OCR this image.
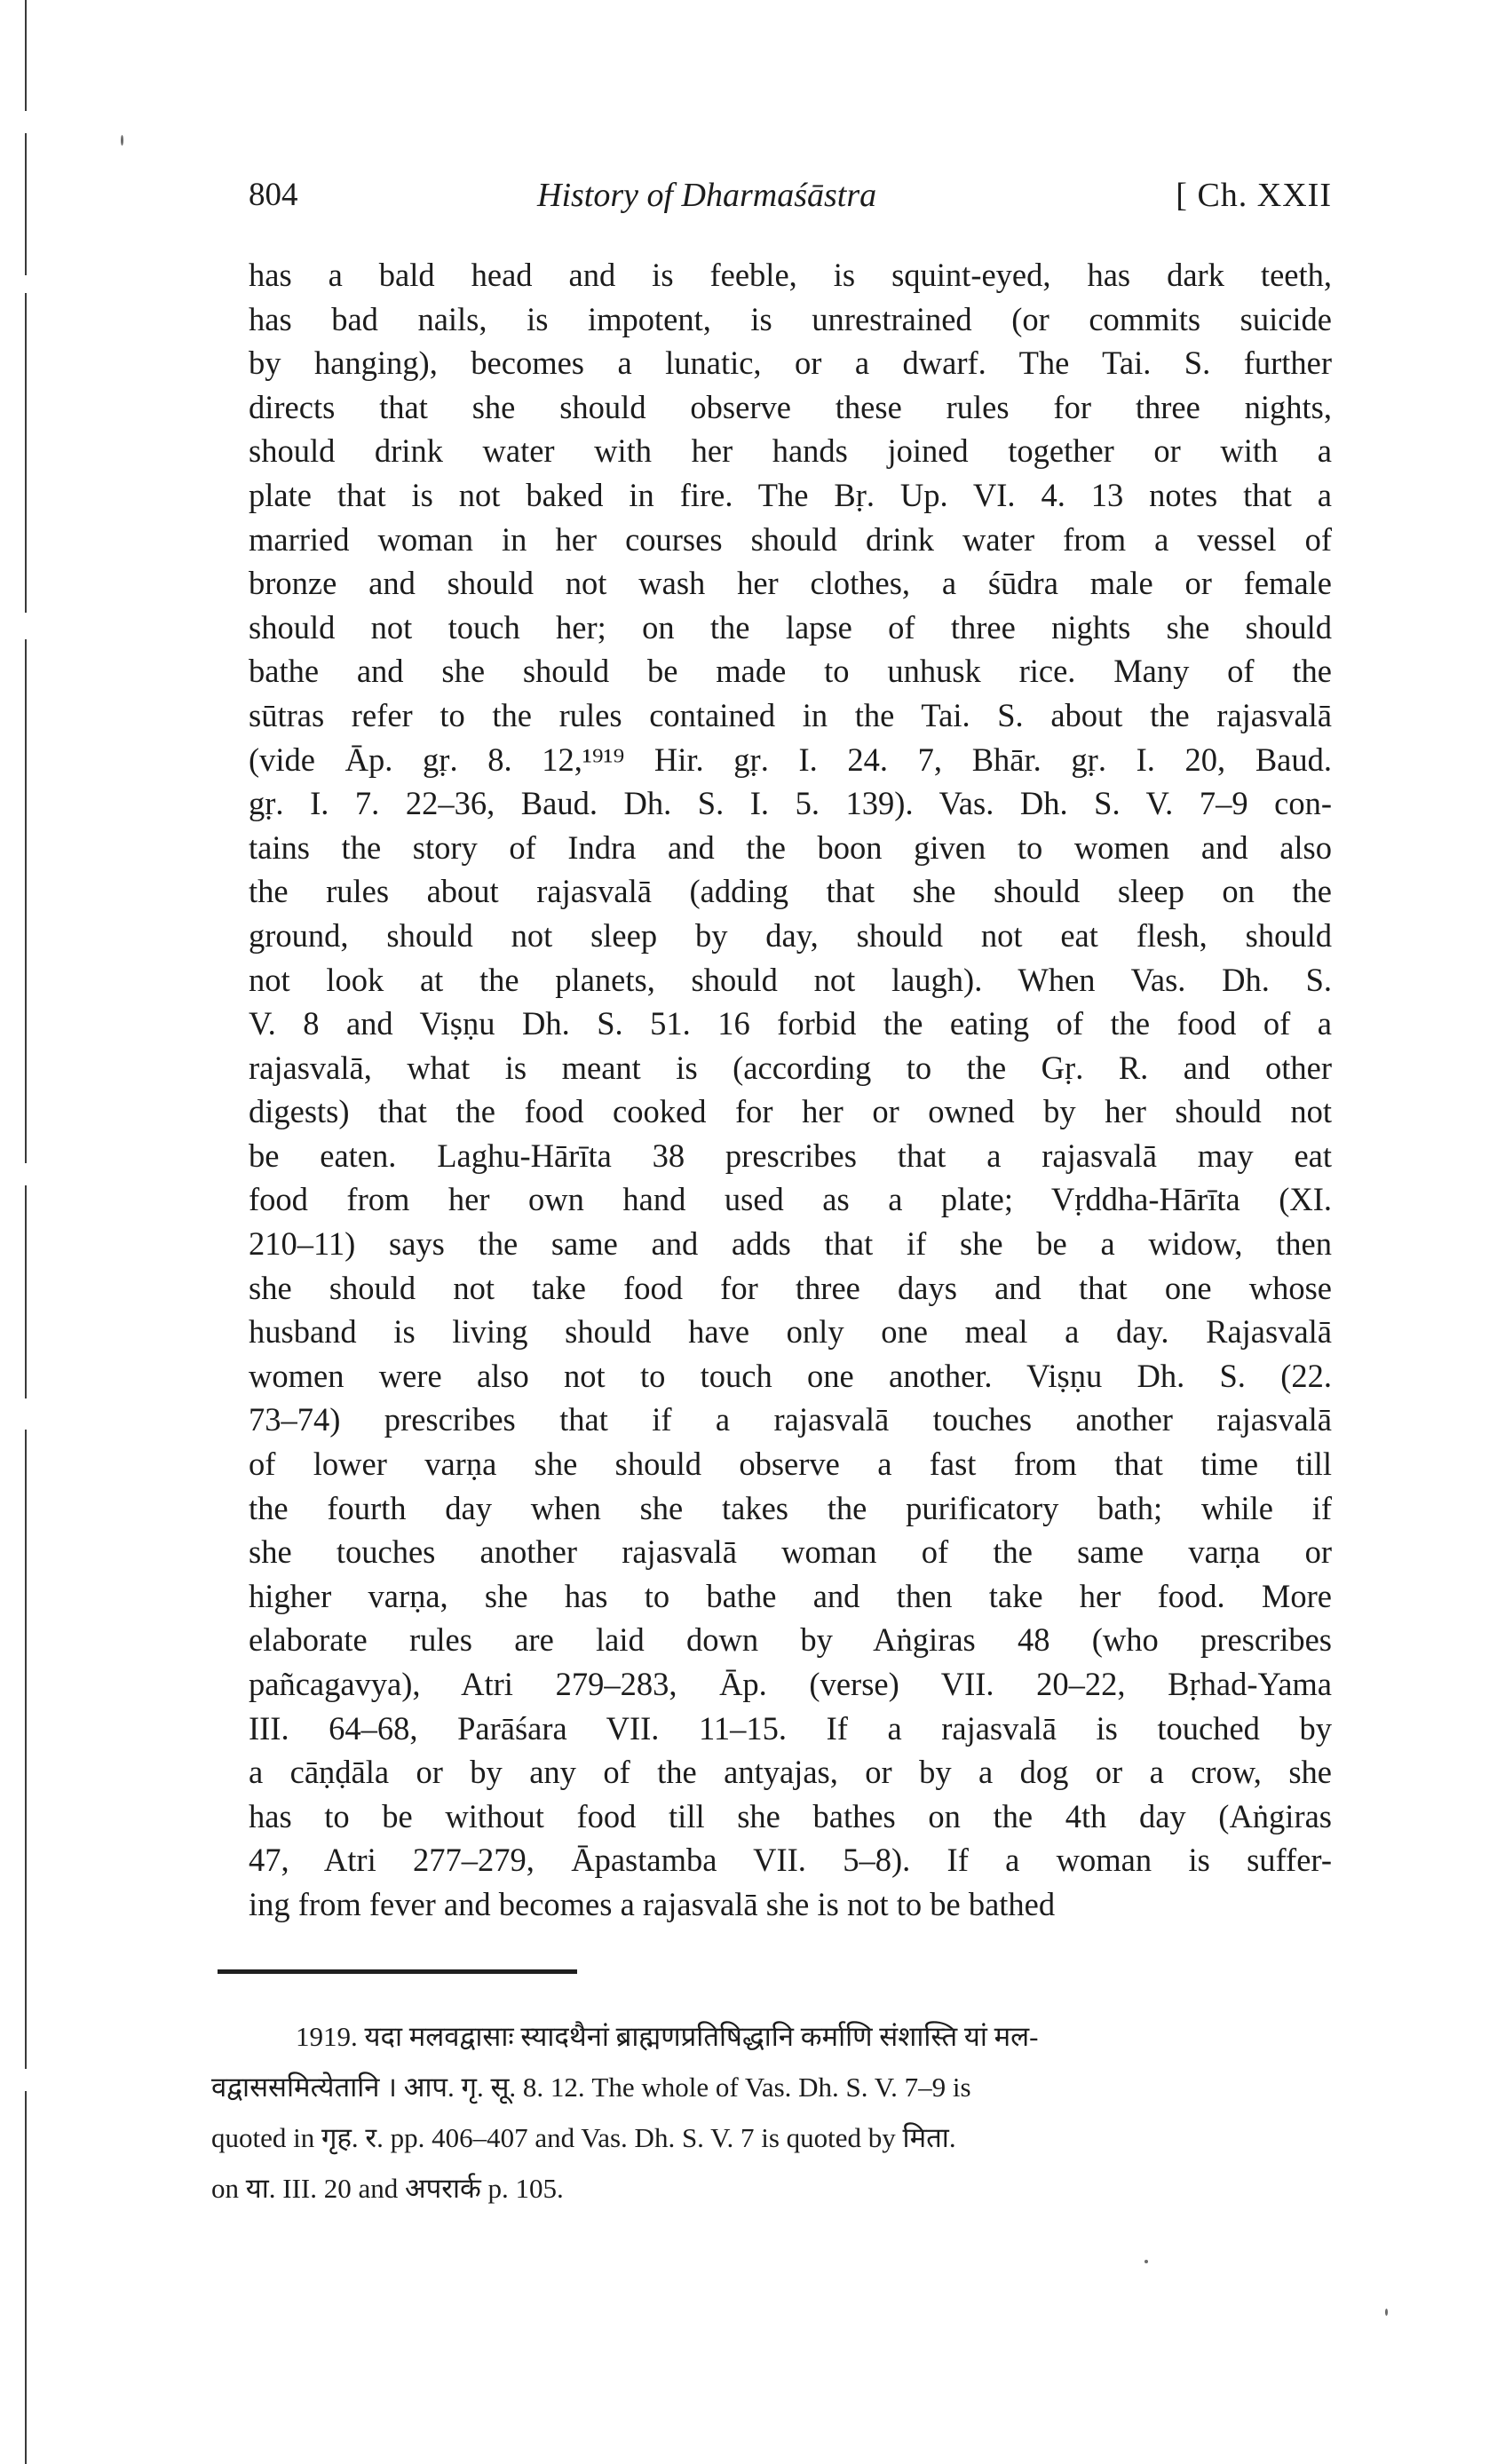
804	History of Dharmaśāstra	[ Ch. XXII
has a bald head and is feeble, is squint-eyed, has dark teeth,
has bad nails, is impotent, is unrestrained (or commits suicide
by hanging), becomes a lunatic, or a dwarf. The Tai. S. further
directs that she should observe these rules for three nights,
should drink water with her hands joined together or with a
plate that is not baked in fire. The Bṛ. Up. VI. 4. 13 notes that a
married woman in her courses should drink water from a vessel of
bronze and should not wash her clothes, a śūdra male or female
should not touch her; on the lapse of three nights she should
bathe and she should be made to unhusk rice. Many of the
sūtras refer to the rules contained in the Tai. S. about the rajasvalā
(vide Āp. gṛ. 8. 12,¹⁹¹⁹ Hir. gṛ. I. 24. 7, Bhār. gṛ. I. 20, Baud.
gṛ. I. 7. 22–36, Baud. Dh. S. I. 5. 139). Vas. Dh. S. V. 7–9 con-
tains the story of Indra and the boon given to women and also
the rules about rajasvalā (adding that she should sleep on the
ground, should not sleep by day, should not eat flesh, should
not look at the planets, should not laugh). When Vas. Dh. S.
V. 8 and Viṣṇu Dh. S. 51. 16 forbid the eating of the food of a
rajasvalā, what is meant is (according to the Gṛ. R. and other
digests) that the food cooked for her or owned by her should not
be eaten. Laghu-Hārīta 38 prescribes that a rajasvalā may eat
food from her own hand used as a plate; Vṛddha-Hārīta (XI.
210–11) says the same and adds that if she be a widow, then
she should not take food for three days and that one whose
husband is living should have only one meal a day. Rajasvalā
women were also not to touch one another. Viṣṇu Dh. S. (22.
73–74) prescribes that if a rajasvalā touches another rajasvalā
of lower varṇa she should observe a fast from that time till
the fourth day when she takes the purificatory bath; while if
she touches another rajasvalā woman of the same varṇa or
higher varṇa, she has to bathe and then take her food. More
elaborate rules are laid down by Aṅgiras 48 (who prescribes
pañcagavya), Atri 279–283, Āp. (verse) VII. 20–22, Bṛhad-Yama
III. 64–68, Parāśara VII. 11–15. If a rajasvalā is touched by
a cāṇḍāla or by any of the antyajas, or by a dog or a crow, she
has to be without food till she bathes on the 4th day (Aṅgiras
47, Atri 277–279, Āpastamba VII. 5–8). If a woman is suffer-
ing from fever and becomes a rajasvalā she is not to be bathed
1919. यदा मलवद्वासाः स्यादथैनां ब्राह्मणप्रतिषिद्धानि कर्माणि संशास्ति यां मल-
वद्वाससमित्येतानि । आप. गृ. सू. 8. 12. The whole of Vas. Dh. S. V. 7–9 is
quoted in गृह. र. pp. 406–407 and Vas. Dh. S. V. 7 is quoted by मिता.
on या. III. 20 and अपरार्क p. 105.
